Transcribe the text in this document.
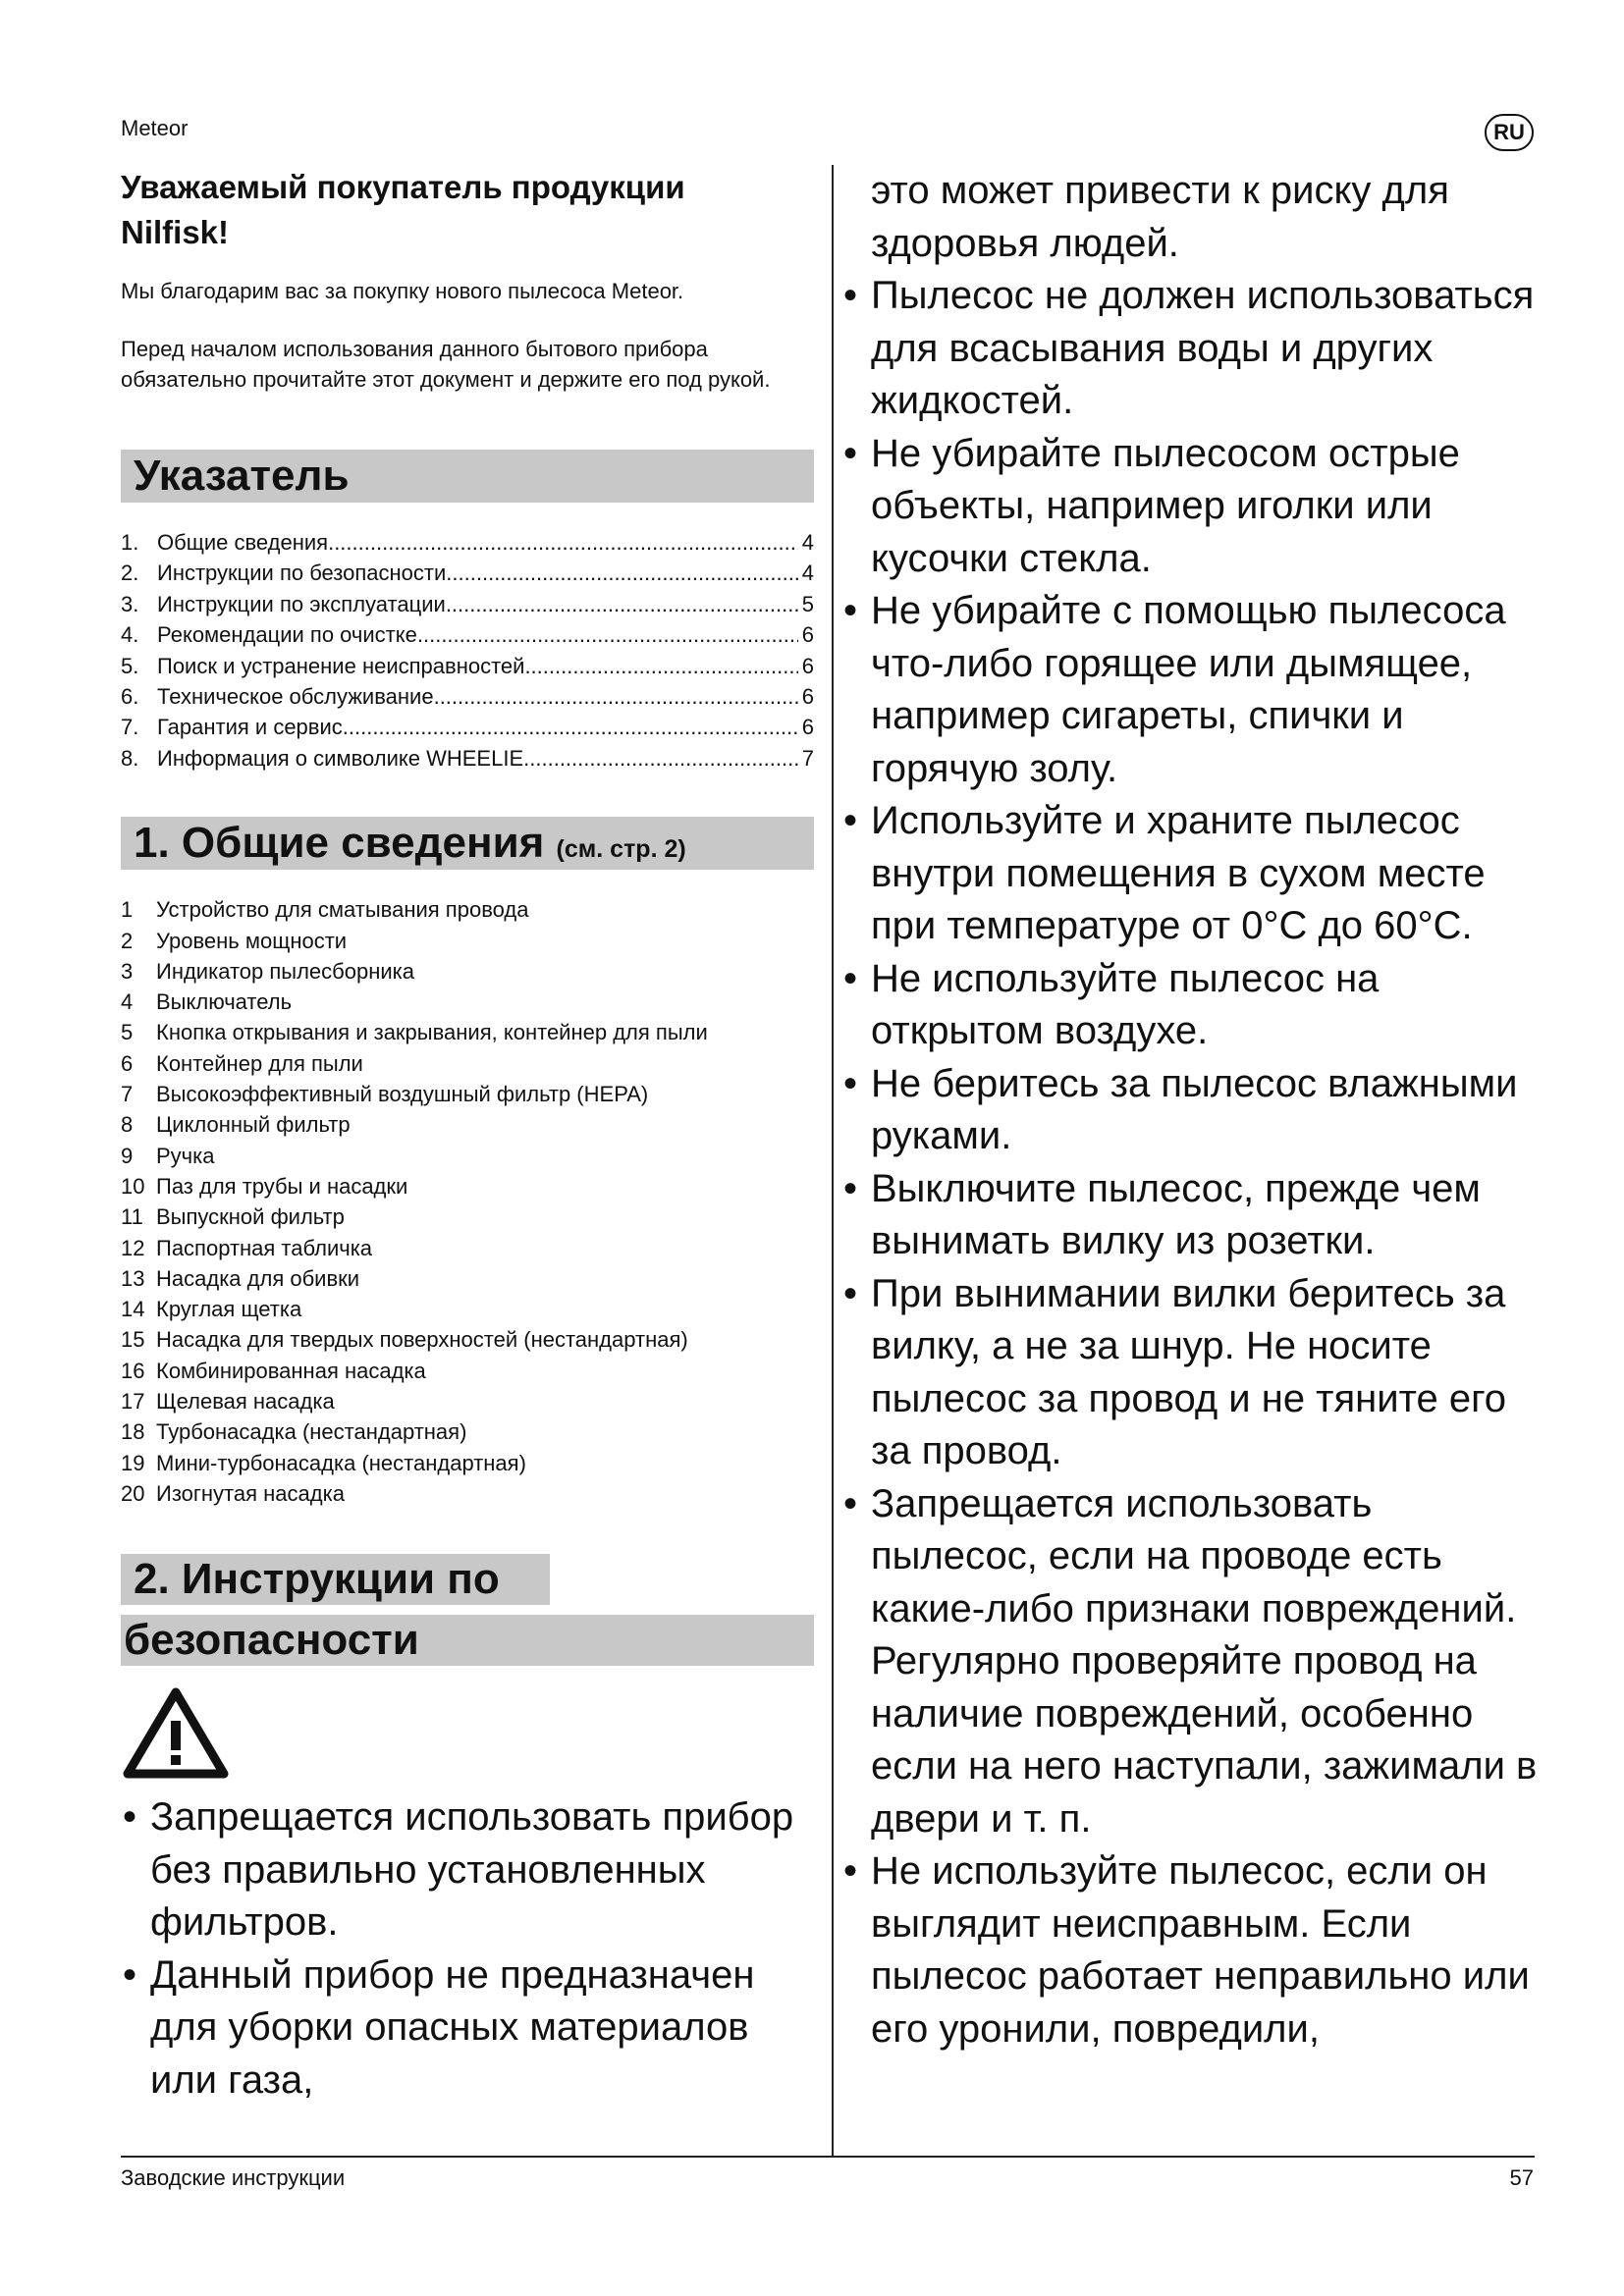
Meteor	RU

Уважаемый покупатель продукции Nilfisk!

Мы благодарим вас за покупку нового пылесоса Meteor.

Перед началом использования данного бытового прибора обязательно прочитайте этот документ и держите его под рукой.

Указатель
1. Общие сведения .....	4
2. Инструкции по безопасности .....	4
3. Инструкции по эксплуатации .....	5
4. Рекомендации по очистке .....	6
5. Поиск и устранение неисправностей .....	6
6. Техническое обслуживание .....	6
7. Гарантия и сервис .....	6
8. Информация о символике WHEELIE .....	7
1. Общие сведения (см. стр. 2)
1 Устройство для сматывания провода
2 Уровень мощности
3 Индикатор пылесборника
4 Выключатель
5 Кнопка открывания и закрывания, контейнер для пыли
6 Контейнер для пыли
7 Высокоэффективный воздушный фильтр (HEPA)
8 Циклонный фильтр
9 Ручка
10 Паз для трубы и насадки
11 Выпускной фильтр
12 Паспортная табличка
13 Насадка для обивки
14 Круглая щетка
15 Насадка для твердых поверхностей (нестандартная)
16 Комбинированная насадка
17 Щелевая насадка
18 Турбонасадка (нестандартная)
19 Мини-турбонасадка (нестандартная)
20 Изогнутая насадка
2. Инструкции по
безопасности
• Запрещается использовать прибор без правильно установленных фильтров.
• Данный прибор не предназначен для уборки опасных материалов или газа,

это может привести к риску для здоровья людей.

• Пылесос не должен использоваться для всасывания воды и других жидкостей.
• Не убирайте пылесосом острые объекты, например иголки или кусочки стекла.
• Не убирайте с помощью пылесоса что-либо горящее или дымящее, например сигареты, спички и горячую золу.
• Используйте и храните пылесос внутри помещения в сухом месте при температуре от 0°C до 60°C.
• Не используйте пылесос на открытом воздухе.
• Не беритесь за пылесос влажными руками.
• Выключите пылесос, прежде чем вынимать вилку из розетки.
• При вынимании вилки беритесь за вилку, а не за шнур. Не носите пылесос за провод и не тяните его за провод.
• Запрещается использовать пылесос, если на проводе есть какие-либо признаки повреждений. Регулярно проверяйте провод на наличие повреждений, особенно если на него наступали, зажимали в двери и т. п.
• Не используйте пылесос, если он выглядит неисправным. Если пылесос работает неправильно или его уронили, повредили,
Заводские инструкции	57
